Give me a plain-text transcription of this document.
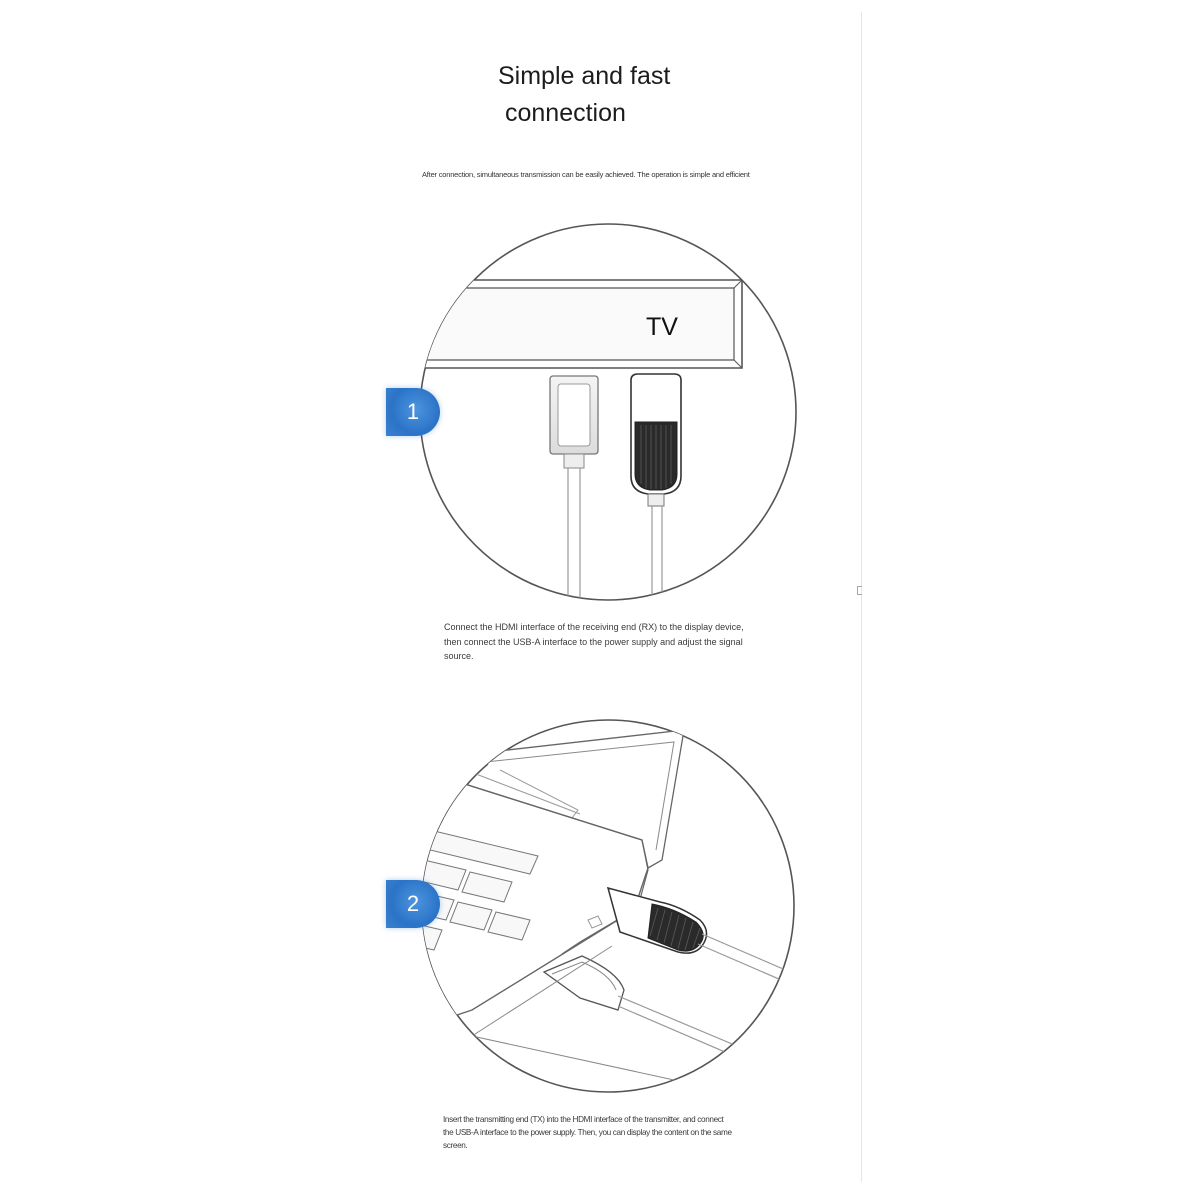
Simple and fast
connection
After connection, simultaneous transmission can be easily achieved. The operation is simple and efficient
TV
1
Connect the HDMI interface of the receiving end (RX) to the display device, then connect the USB-A interface to the power supply and adjust the signal source.
2
Insert the transmitting end (TX) into the HDMI interface of the transmitter, and connect the USB-A interface to the power supply. Then, you can display the content on the same screen.
